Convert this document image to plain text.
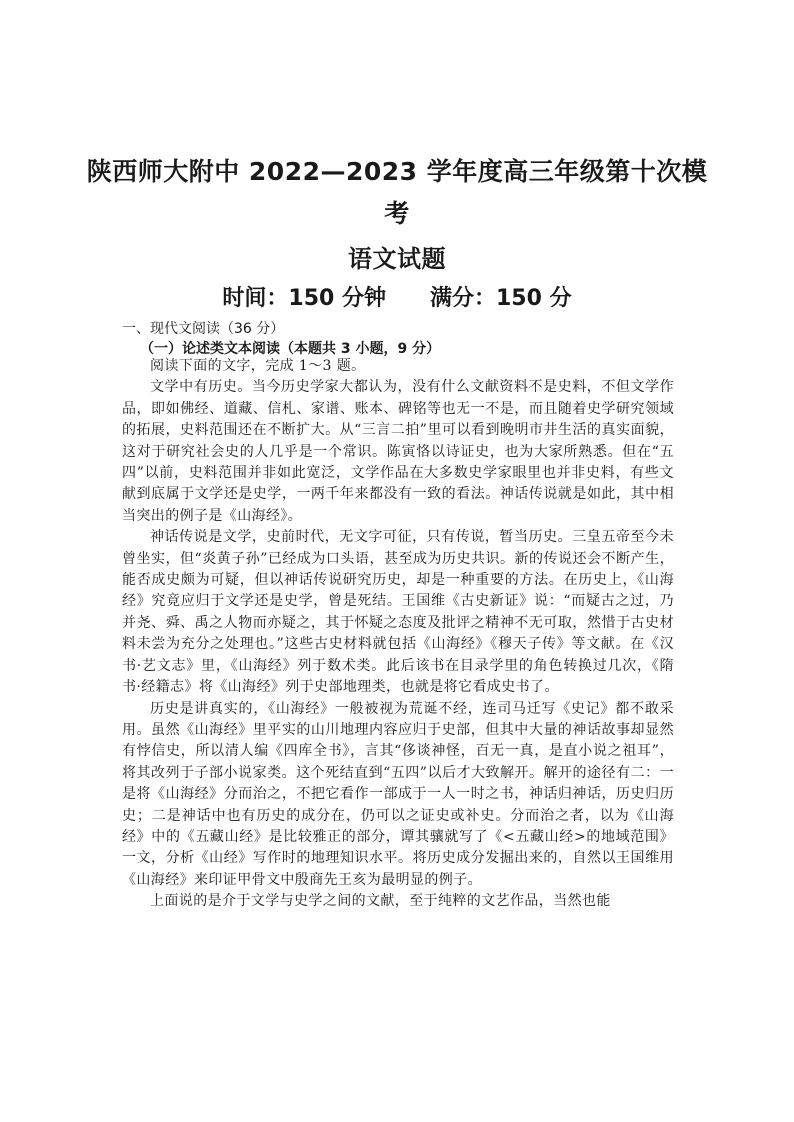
陕西师大附中 2022—2023 学年度高三年级第十次模
考
语文试题
时间：150 分钟 满分：150 分
一、现代文阅读（36 分）
（一）论述类文本阅读（本题共 3 小题，9 分）

阅读下面的文字，完成 1～3 题。

文学中有历史。当今历史学家大都认为，没有什么文献资料不是史料，不但文学作品，即如佛经、道藏、信札、家谱、账本、碑铭等也无一不是，而且随着史学研究领域的拓展，史料范围还在不断扩大。从“三言二拍”里可以看到晚明市井生活的真实面貌，这对于研究社会史的人几乎是一个常识。陈寅恪以诗证史，也为大家所熟悉。但在“五四”以前，史料范围并非如此宽泛，文学作品在大多数史学家眼里也并非史料，有些文献到底属于文学还是史学，一两千年来都没有一致的看法。神话传说就是如此，其中相当突出的例子是《山海经》。

神话传说是文学，史前时代，无文字可征，只有传说，暂当历史。三皇五帝至今未曾坐实，但“炎黄子孙”已经成为口头语，甚至成为历史共识。新的传说还会不断产生，能否成史颇为可疑，但以神话传说研究历史，却是一种重要的方法。在历史上，《山海经》究竟应归于文学还是史学，曾是死结。王国维《古史新证》说：“而疑古之过，乃并尧、舜、禹之人物而亦疑之，其于怀疑之态度及批评之精神不无可取，然惜于古史材料未尝为充分之处理也。”这些古史材料就包括《山海经》《穆天子传》等文献。在《汉书·艺文志》里，《山海经》列于数术类。此后该书在目录学里的角色转换过几次，《隋书·经籍志》将《山海经》列于史部地理类，也就是将它看成史书了。

历史是讲真实的，《山海经》一般被视为荒诞不经，连司马迁写《史记》都不敢采用。虽然《山海经》里平实的山川地理内容应归于史部，但其中大量的神话故事却显然有悖信史，所以清人编《四库全书》，言其“侈谈神怪，百无一真，是直小说之祖耳”，将其改列于子部小说家类。这个死结直到“五四”以后才大致解开。解开的途径有二：一是将《山海经》分而治之，不把它看作一部成于一人一时之书，神话归神话，历史归历史；二是神话中也有历史的成分在，仍可以之证史或补史。分而治之者，以为《山海经》中的《五藏山经》是比较雅正的部分，谭其骧就写了《<五藏山经>的地域范围》一文，分析《山经》写作时的地理知识水平。将历史成分发掘出来的，自然以王国维用《山海经》来印证甲骨文中殷商先王亥为最明显的例子。

上面说的是介于文学与史学之间的文献，至于纯粹的文艺作品，当然也能
